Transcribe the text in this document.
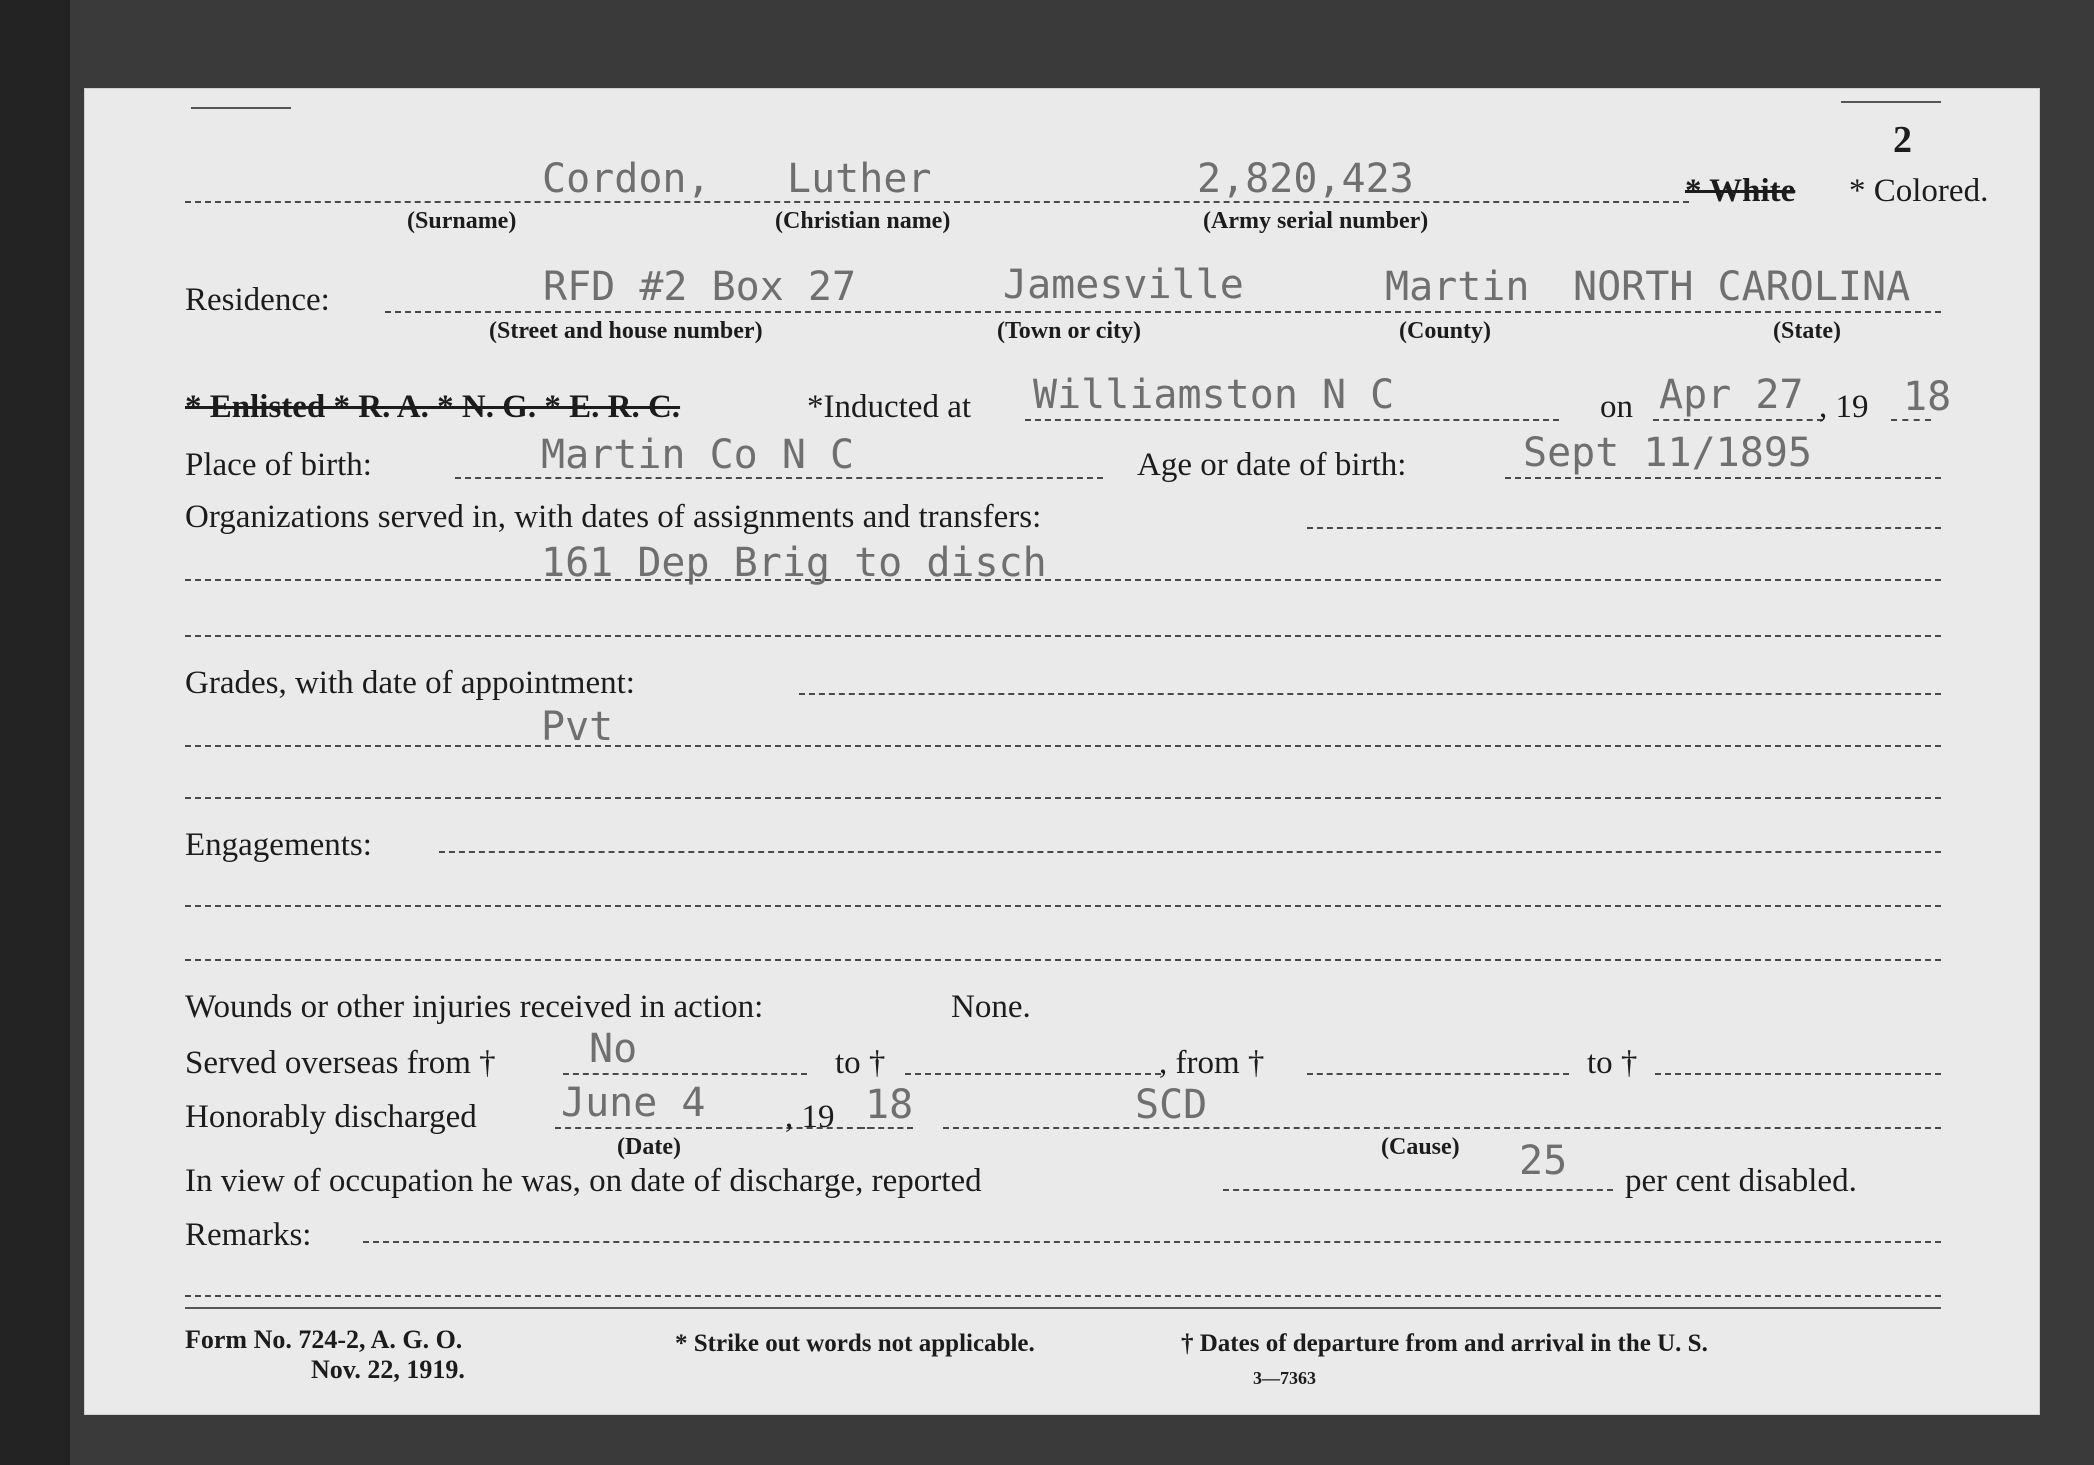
2
Cordon, Luther	2,820,423	* White * Colored.
(Surname)	(Christian name)	(Army serial number)
Residence:	RFD #2 Box 27	Jamesville	Martin NORTH CAROLINA
(Street and house number)	(Town or city)	(County)	(State)
* Enlisted * R. A. * N. G. * E. R. C.	*Inducted at Williamston N C	on Apr 27 , 19 18
Place of birth:	Martin Co N C	Age or date of birth:	Sept 11/1895
Organizations served in, with dates of assignments and transfers:
161 Dep Brig to disch
Grades, with date of appointment:
Pvt
Engagements:
Wounds or other injuries received in action:	None.
Served overseas from † No	to †	, from †	to †
Honorably discharged June 4 , 19 18	SCD
(Date)	(Cause)
In view of occupation he was, on date of discharge, reported	25 per cent disabled.
Remarks:
Form No. 724-2, A. G. O.
Nov. 22, 1919.
* Strike out words not applicable.	† Dates of departure from and arrival in the U. S.
3—7363
